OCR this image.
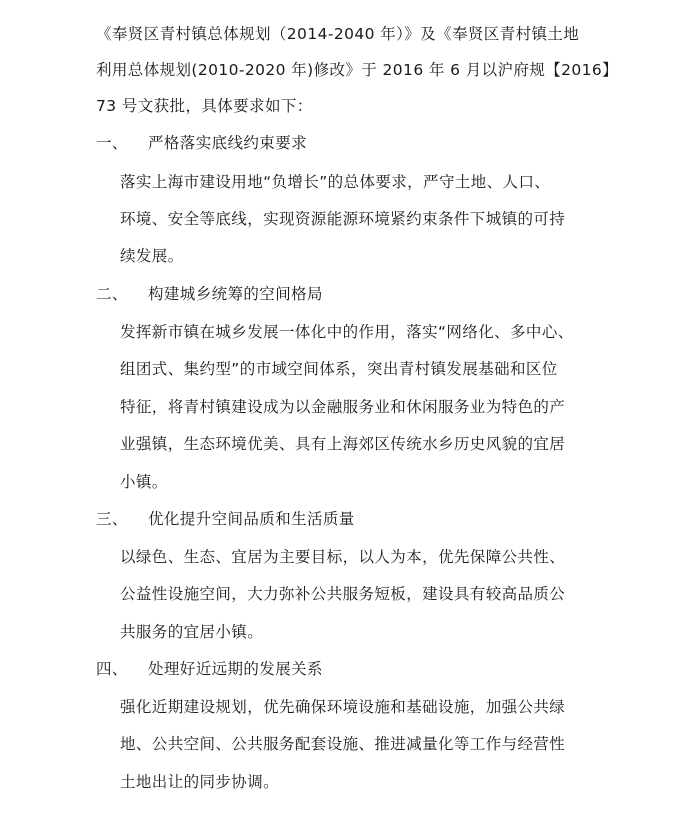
《奉贤区青村镇总体规划（2014-2040 年）》及《奉贤区青村镇土地
利用总体规划(2010-2020 年)修改》于 2016 年 6 月以沪府规【2016】
73 号文获批，具体要求如下：
一、 严格落实底线约束要求
落实上海市建设用地“负增长”的总体要求，严守土地、人口、
环境、安全等底线，实现资源能源环境紧约束条件下城镇的可持
续发展。
二、 构建城乡统筹的空间格局
发挥新市镇在城乡发展一体化中的作用，落实“网络化、多中心、
组团式、集约型”的市域空间体系，突出青村镇发展基础和区位
特征，将青村镇建设成为以金融服务业和休闲服务业为特色的产
业强镇，生态环境优美、具有上海郊区传统水乡历史风貌的宜居
小镇。
三、 优化提升空间品质和生活质量
以绿色、生态、宜居为主要目标，以人为本，优先保障公共性、
公益性设施空间，大力弥补公共服务短板，建设具有较高品质公
共服务的宜居小镇。
四、 处理好近远期的发展关系
强化近期建设规划，优先确保环境设施和基础设施，加强公共绿
地、公共空间、公共服务配套设施、推进减量化等工作与经营性
土地出让的同步协调。
